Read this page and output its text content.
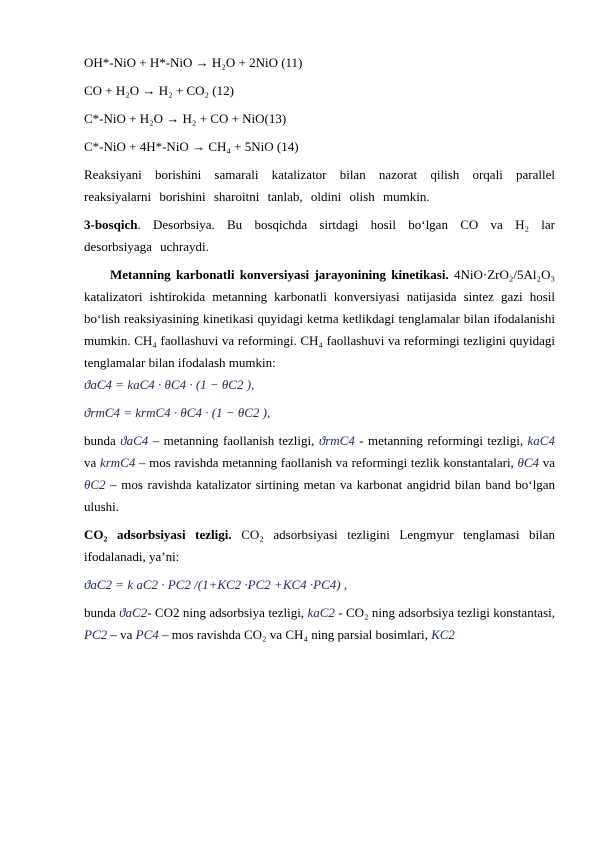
OH*-NiO + H*-NiO → H₂O + 2NiO (11)
CO + H₂O → H₂ + CO₂ (12)
C*-NiO + H₂O → H₂ + CO + NiO(13)
C*-NiO + 4H*-NiO → CH₄ + 5NiO (14)
Reaksiyani borishini samarali katalizator bilan nazorat qilish orqali parallel reaksiyalarni borishini sharoitni tanlab, oldini olish mumkin.
3-bosqich. Desorbsiya. Bu bosqichda sirtdagi hosil bo‘lgan CO va H₂ lar desorbsiyaga uchraydi.
Metanning karbonatli konversiyasi jarayonining kinetikasi. 4NiO·ZrO₂/5Al₂O₃ katalizatori ishtirokida metanning karbonatli konversiyasi natijasida sintez gazi hosil bo‘lish reaksiyasining kinetikasi quyidagi ketma ketlikdagi tenglamalar bilan ifodalanishi mumkin. CH₄ faollashuvi va reformingi. CH₄ faollashuvi va reformingi tezligini quyidagi tenglamalar bilan ifodalash mumkin:
ϑaC4 = kaC4 · θC4 · (1 − θC2 ),
ϑrmC4 = krmC4 · θC4 · (1 − θC2 ),
bunda ϑaC4 – metanning faollanish tezligi, ϑrmC4 - metanning reformingi tezligi, kaC4 va krmC4 – mos ravishda metanning faollanish va reformingi tezlik konstantalari, θC4 va θC2 – mos ravishda katalizator sirtining metan va karbonat angidrid bilan band bo‘lgan ulushi.
CO₂ adsorbsiyasi tezligi. CO₂ adsorbsiyasi tezligini Lengmyur tenglamasi bilan ifodalanadi, ya’ni:
ϑaC2 = k aC2 · PC2 /(1+KC2 ·PC2 +KC4 ·PC4) ,
bunda ϑaC2- CO2 ning adsorbsiya tezligi, kaC2 - CO₂ ning adsorbsiya tezligi konstantasi, PC2 – va PC4 – mos ravishda CO₂ va CH₄ ning parsial bosimlari, KC2
